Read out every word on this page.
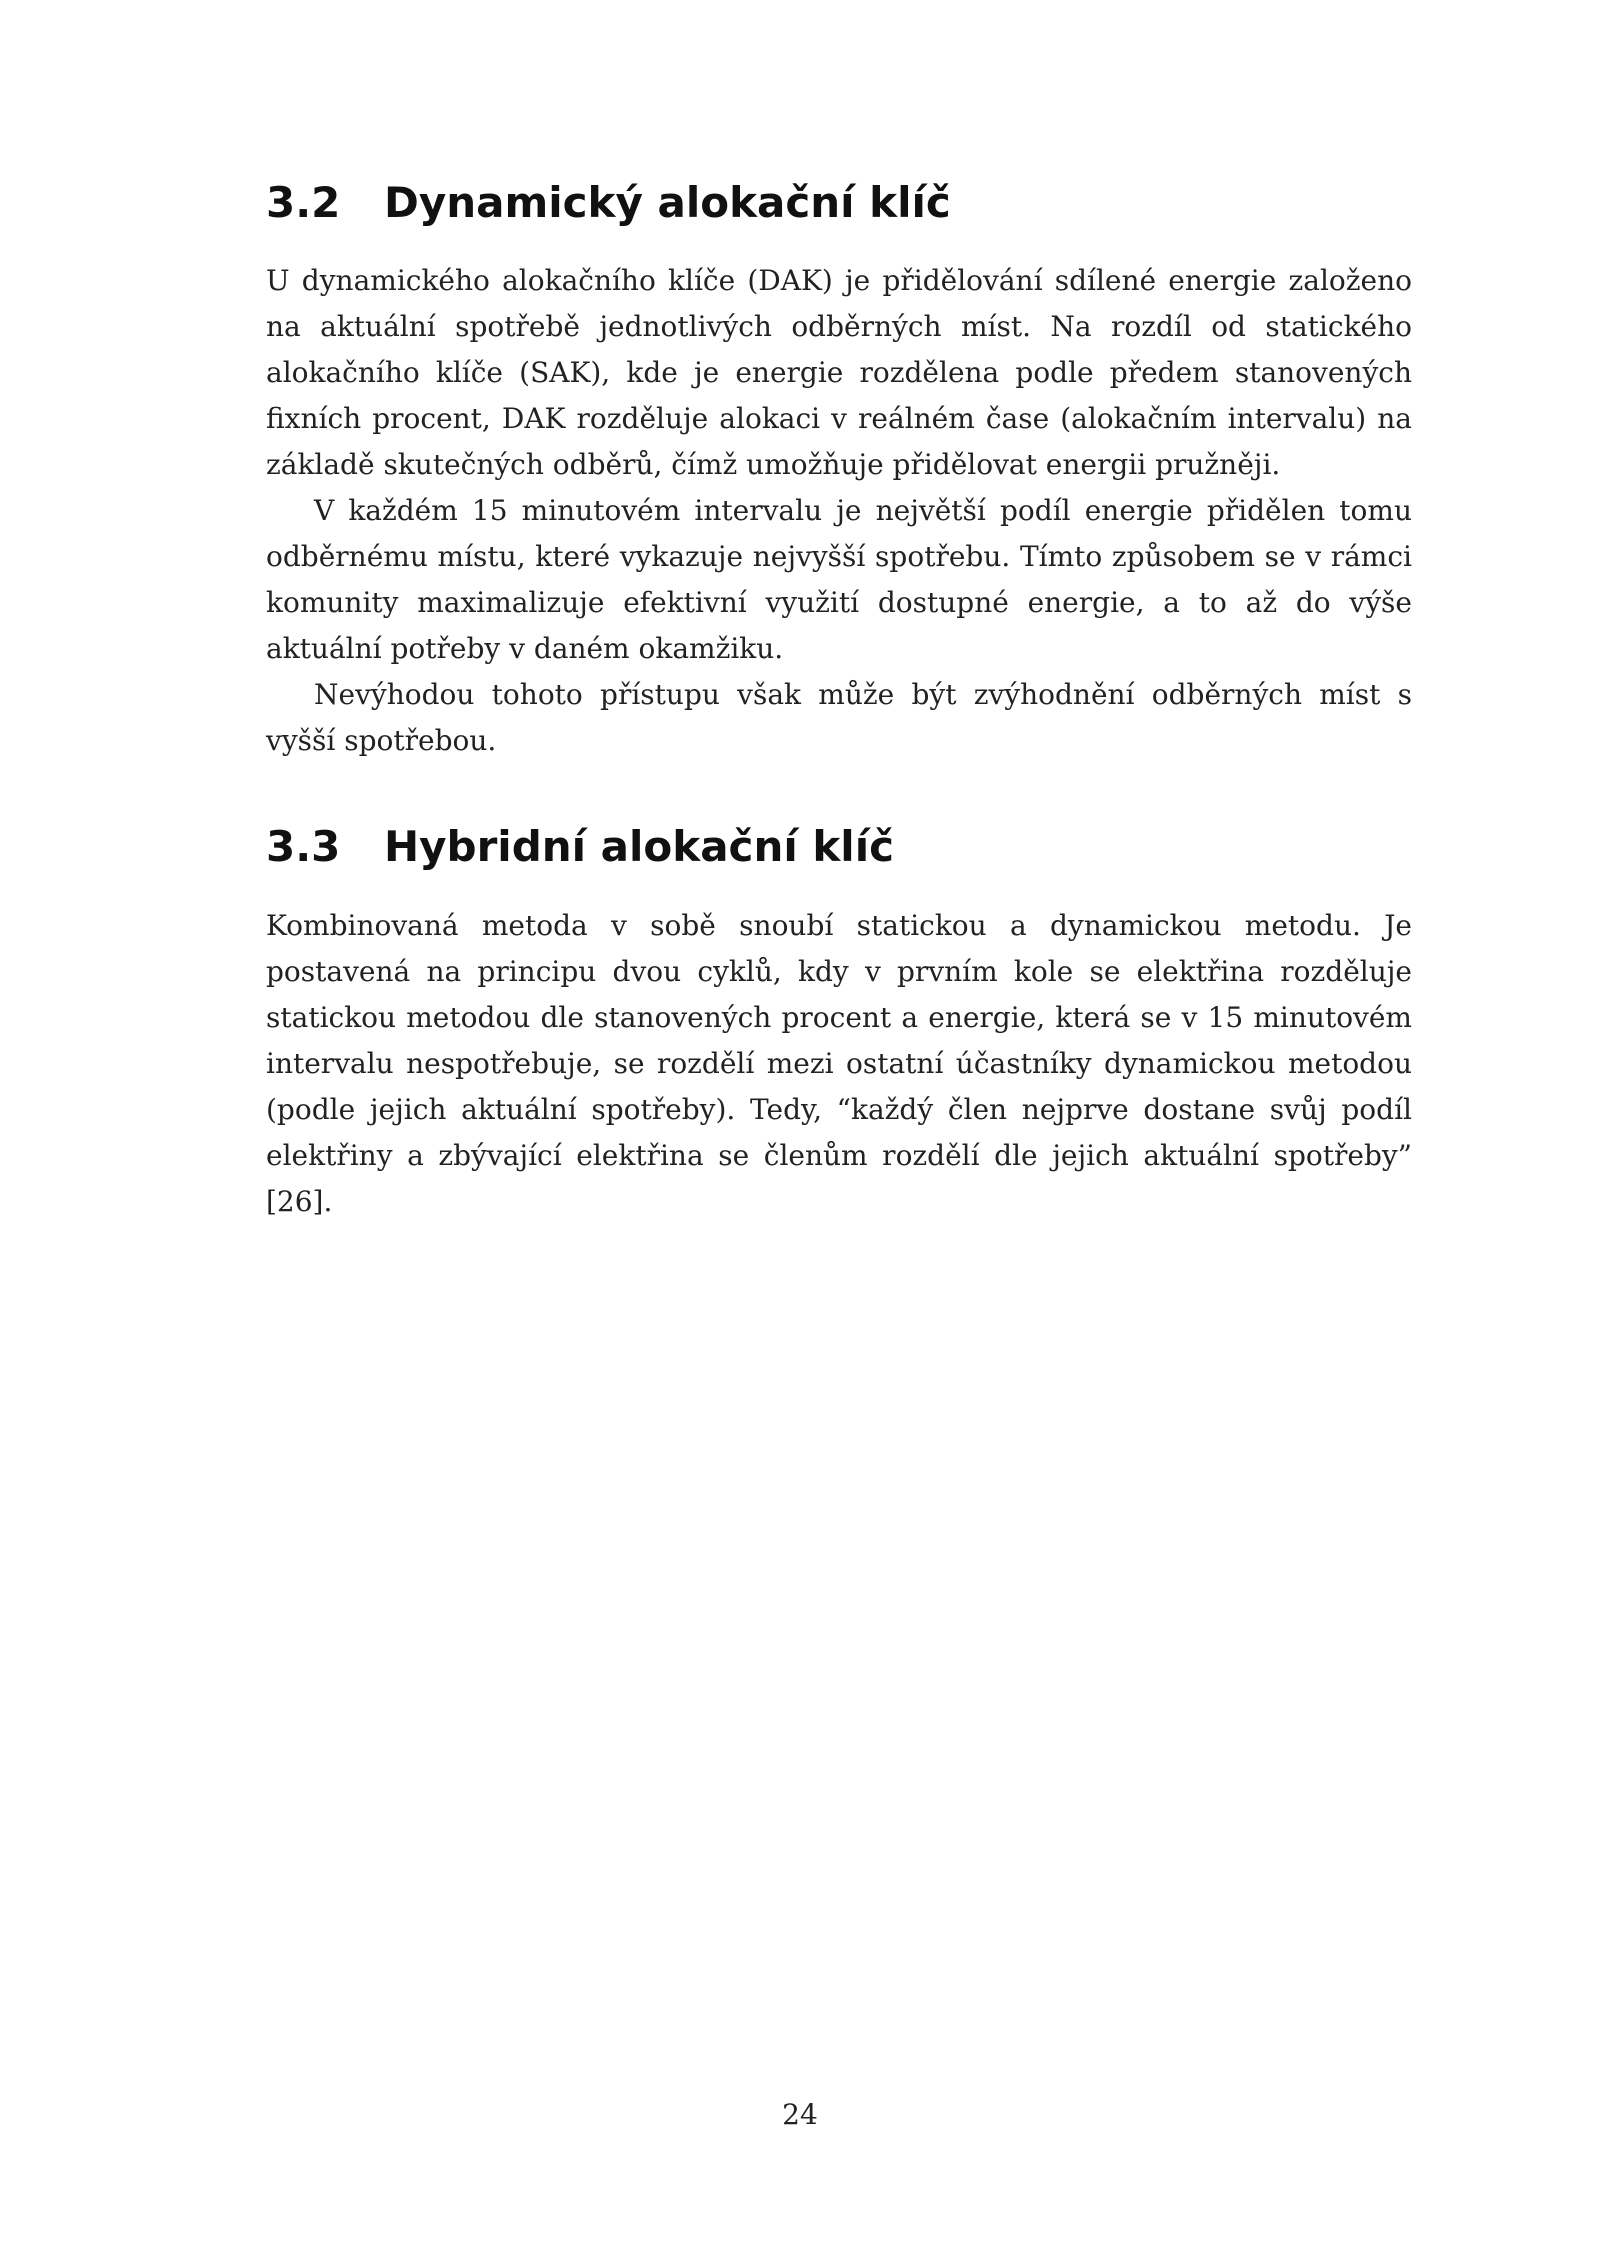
3.2	Dynamický alokační klíč

U dynamického alokačního klíče (DAK) je přidělování sdílené energie založeno na aktuální spotřebě jednotlivých odběrných míst. Na rozdíl od statického alokačního klíče (SAK), kde je energie rozdělena podle předem stanovených fixních procent, DAK rozděluje alokaci v reálném čase (alokačním intervalu) na základě skutečných odběrů, čímž umožňuje přidělovat energii pružněji.

V každém 15 minutovém intervalu je největší podíl energie přidělen tomu odběrnému místu, které vykazuje nejvyšší spotřebu. Tímto způsobem se v rámci komunity maximalizuje efektivní využití dostupné energie, a to až do výše aktuální potřeby v daném okamžiku.

Nevýhodou tohoto přístupu však může být zvýhodnění odběrných míst s vyšší spotřebou.

3.3	Hybridní alokační klíč

Kombinovaná metoda v sobě snoubí statickou a dynamickou metodu. Je postavená na principu dvou cyklů, kdy v prvním kole se elektřina rozděluje statickou metodou dle stanovených procent a energie, která se v 15 minutovém intervalu nespotřebuje, se rozdělí mezi ostatní účastníky dynamickou metodou (podle jejich aktuální spotřeby). Tedy, “každý člen nejprve dostane svůj podíl elektřiny a zbývající elektřina se členům rozdělí dle jejich aktuální spotřeby” [26].

24
